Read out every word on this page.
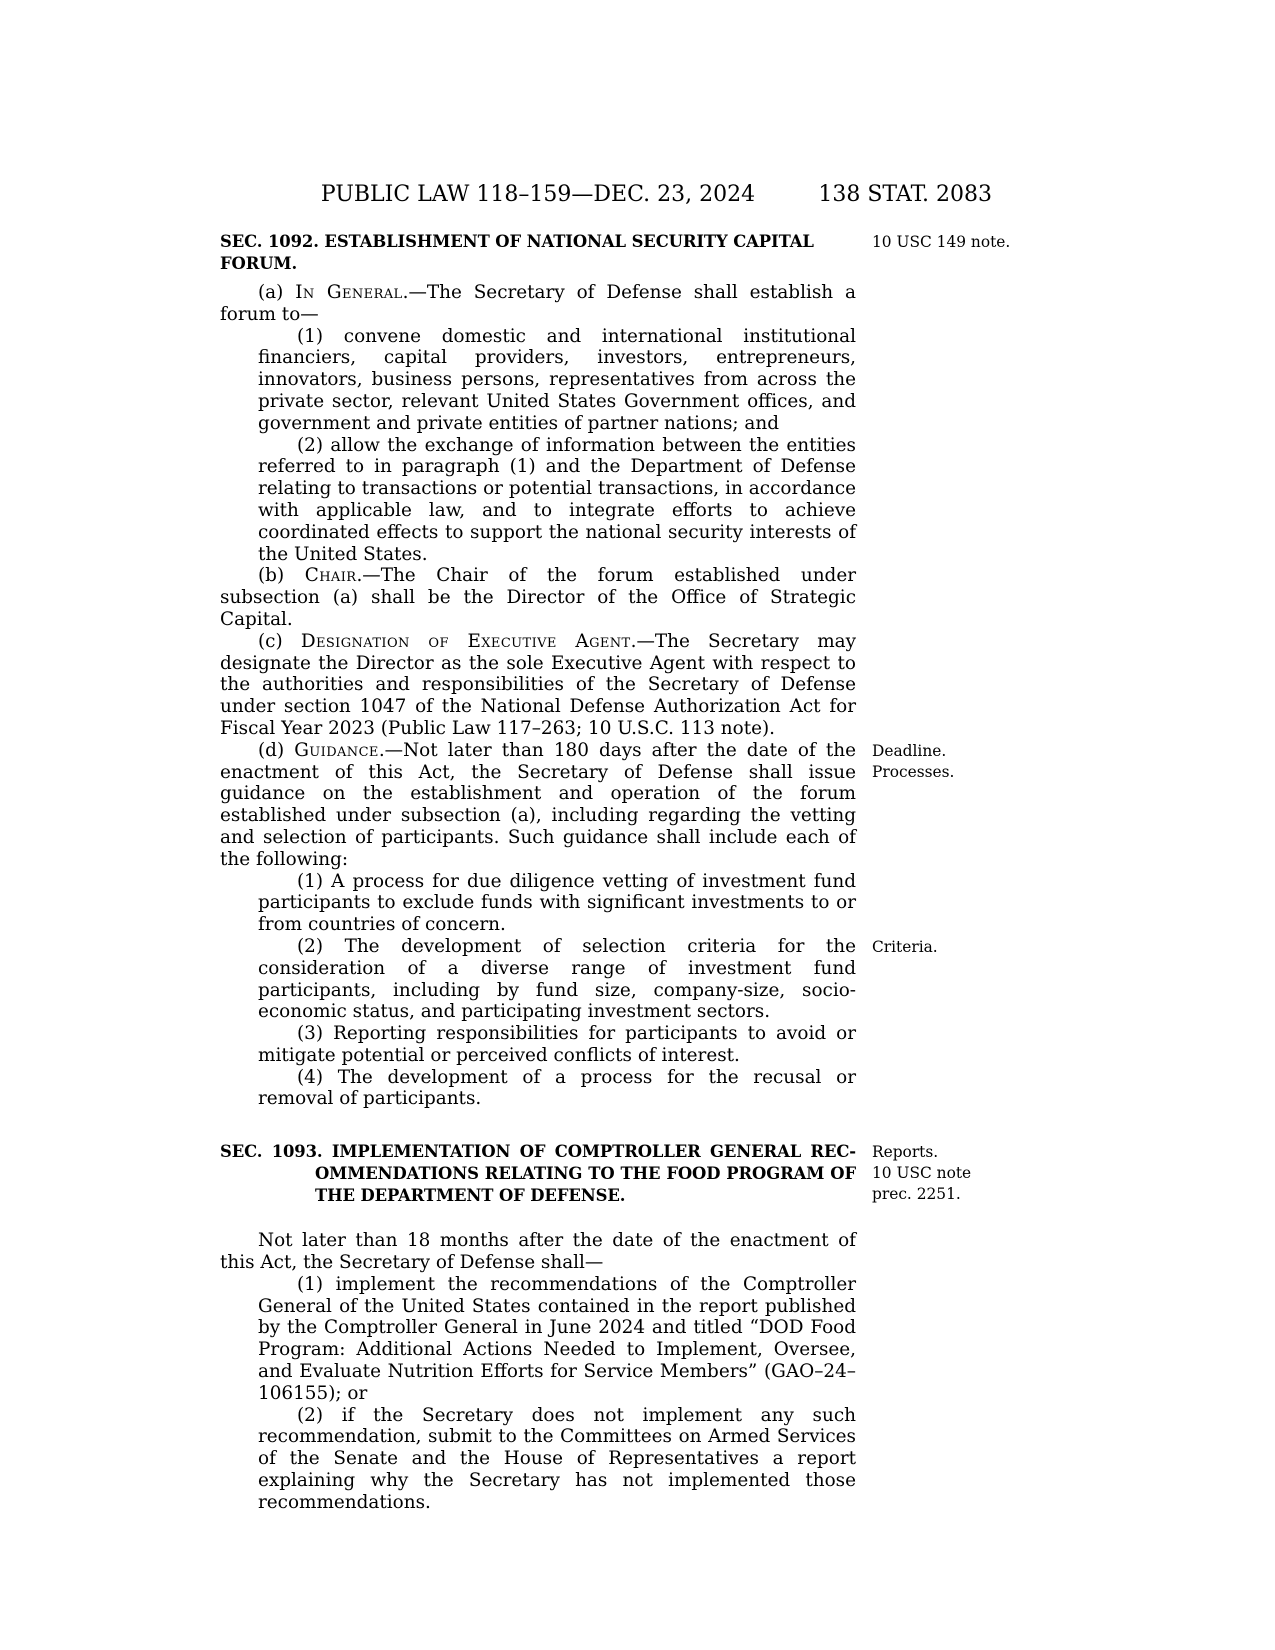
PUBLIC LAW 118–159—DEC. 23, 2024	138 STAT. 2083
SEC. 1092. ESTABLISHMENT OF NATIONAL SECURITY CAPITAL FORUM.
10 USC 149 note.

(a) In General.—The Secretary of Defense shall establish a forum to—

(1) convene domestic and international institutional financiers, capital providers, investors, entrepreneurs, innovators, business persons, representatives from across the private sector, relevant United States Government offices, and government and private entities of partner nations; and

(2) allow the exchange of information between the entities referred to in paragraph (1) and the Department of Defense relating to transactions or potential transactions, in accordance with applicable law, and to integrate efforts to achieve coordinated effects to support the national security interests of the United States.

(b) Chair.—The Chair of the forum established under subsection (a) shall be the Director of the Office of Strategic Capital.

(c) Designation of Executive Agent.—The Secretary may designate the Director as the sole Executive Agent with respect to the authorities and responsibilities of the Secretary of Defense under section 1047 of the National Defense Authorization Act for Fiscal Year 2023 (Public Law 117–263; 10 U.S.C. 113 note).

(d) Guidance.—Not later than 180 days after the date of the enactment of this Act, the Secretary of Defense shall issue guidance on the establishment and operation of the forum established under subsection (a), including regarding the vetting and selection of participants. Such guidance shall include each of the following:
Deadline.
Processes.

(1) A process for due diligence vetting of investment fund participants to exclude funds with significant investments to or from countries of concern.

(2) The development of selection criteria for the consideration of a diverse range of investment fund participants, including by fund size, company-size, socio-economic status, and participating investment sectors.
Criteria.

(3) Reporting responsibilities for participants to avoid or mitigate potential or perceived conflicts of interest.

(4) The development of a process for the recusal or removal of participants.

SEC. 1093. IMPLEMENTATION OF COMPTROLLER GENERAL REC-
OMMENDATIONS RELATING TO THE FOOD PROGRAM OF
THE DEPARTMENT OF DEFENSE.
Reports.
10 USC note
prec. 2251.

Not later than 18 months after the date of the enactment of this Act, the Secretary of Defense shall—

(1) implement the recommendations of the Comptroller General of the United States contained in the report published by the Comptroller General in June 2024 and titled “DOD Food Program: Additional Actions Needed to Implement, Oversee, and Evaluate Nutrition Efforts for Service Members” (GAO–24–106155); or

(2) if the Secretary does not implement any such recommendation, submit to the Committees on Armed Services of the Senate and the House of Representatives a report explaining why the Secretary has not implemented those recommendations.
